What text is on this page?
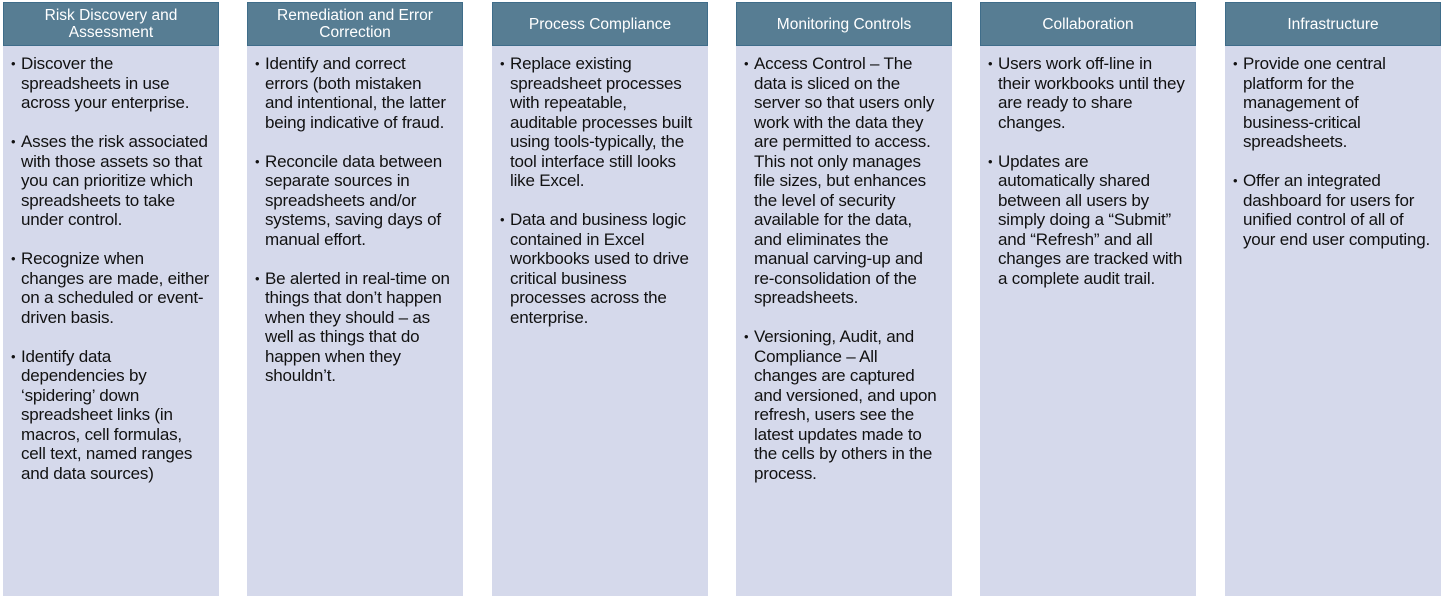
Risk Discovery and Assessment
• Discover the spreadsheets in use across your enterprise.
• Asses the risk associated with those assets so that you can prioritize which spreadsheets to take under control.
• Recognize when changes are made, either on a scheduled or event-driven basis.
• Identify data dependencies by ‘spidering’ down spreadsheet links (in macros, cell formulas, cell text, named ranges and data sources)
Remediation and Error Correction
• Identify and correct errors (both mistaken and intentional, the latter being indicative of fraud.
• Reconcile data between separate sources in spreadsheets and/or systems, saving days of manual effort.
• Be alerted in real-time on things that don’t happen when they should – as well as things that do happen when they shouldn’t.
Process Compliance
• Replace existing spreadsheet processes with repeatable, auditable processes built using tools-typically, the tool interface still looks like Excel.
• Data and business logic contained in Excel workbooks used to drive critical business processes across the enterprise.
Monitoring Controls
• Access Control – The data is sliced on the server so that users only work with the data they are permitted to access. This not only manages file sizes, but enhances the level of security available for the data, and eliminates the manual carving-up and re-consolidation of the spreadsheets.
• Versioning, Audit, and Compliance – All changes are captured and versioned, and upon refresh, users see the latest updates made to the cells by others in the process.
Collaboration
• Users work off-line in their workbooks until they are ready to share changes.
• Updates are automatically shared between all users by simply doing a “Submit” and “Refresh” and all changes are tracked with a complete audit trail.
Infrastructure
• Provide one central platform for the management of business-critical spreadsheets.
• Offer an integrated dashboard for users for unified control of all of your end user computing.
